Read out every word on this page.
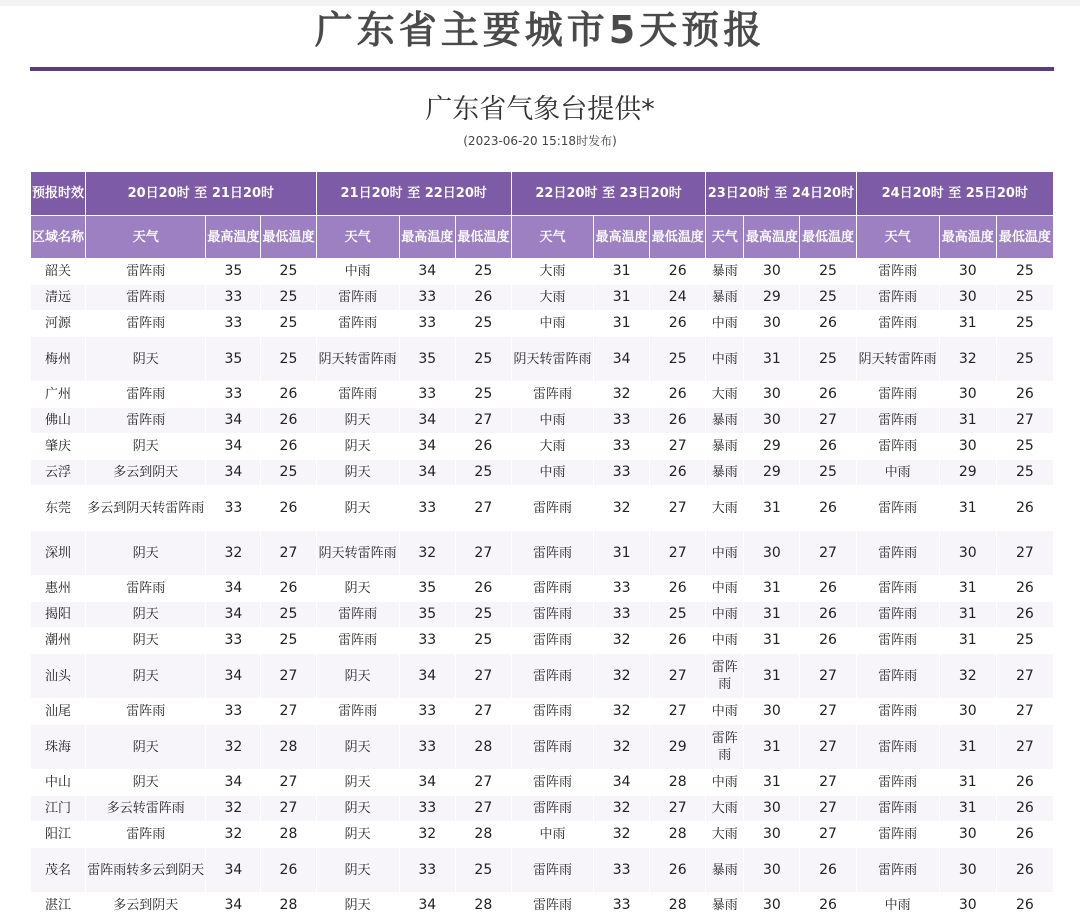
广东省主要城市5天预报
广东省气象台提供*
(2023-06-20 15:18时发布)
预报时效	20日20时 至 21日20时			21日20时 至 22日20时			22日20时 至 23日20时			23日20时 至 24日20时			24日20时 至 25日20时		
区域名称	天气	最高温度	最低温度	天气	最高温度	最低温度	天气	最高温度	最低温度	天气	最高温度	最低温度	天气	最高温度	最低温度
韶关	雷阵雨	35	25	中雨	34	25	大雨	31	26	暴雨	30	25	雷阵雨	30	25
清远	雷阵雨	33	25	雷阵雨	33	26	大雨	31	24	暴雨	29	25	雷阵雨	30	25
河源	雷阵雨	33	25	雷阵雨	33	25	中雨	31	26	中雨	30	26	雷阵雨	31	25
梅州	阴天	35	25	阴天转雷阵雨	35	25	阴天转雷阵雨	34	25	中雨	31	25	阴天转雷阵雨	32	25
广州	雷阵雨	33	26	雷阵雨	33	25	雷阵雨	32	26	大雨	30	26	雷阵雨	30	26
佛山	雷阵雨	34	26	阴天	34	27	中雨	33	26	暴雨	30	27	雷阵雨	31	27
肇庆	阴天	34	26	阴天	34	26	大雨	33	27	暴雨	29	26	雷阵雨	30	25
云浮	多云到阴天	34	25	阴天	34	25	中雨	33	26	暴雨	29	25	中雨	29	25
东莞	多云到阴天转雷阵雨	33	26	阴天	33	27	雷阵雨	32	27	大雨	31	26	雷阵雨	31	26
深圳	阴天	32	27	阴天转雷阵雨	32	27	雷阵雨	31	27	中雨	30	27	雷阵雨	30	27
惠州	雷阵雨	34	26	阴天	35	26	雷阵雨	33	26	中雨	31	26	雷阵雨	31	26
揭阳	阴天	34	25	雷阵雨	35	25	雷阵雨	33	25	中雨	31	26	雷阵雨	31	26
潮州	阴天	33	25	雷阵雨	33	25	雷阵雨	32	26	中雨	31	26	雷阵雨	31	25
汕头	阴天	34	27	阴天	34	27	雷阵雨	32	27	雷阵雨	31	27	雷阵雨	32	27
汕尾	雷阵雨	33	27	雷阵雨	33	27	雷阵雨	32	27	中雨	30	27	雷阵雨	30	27
珠海	阴天	32	28	阴天	33	28	雷阵雨	32	29	雷阵雨	31	27	雷阵雨	31	27
中山	阴天	34	27	阴天	34	27	雷阵雨	34	28	中雨	31	27	雷阵雨	31	26
江门	多云转雷阵雨	32	27	阴天	33	27	雷阵雨	32	27	大雨	30	27	雷阵雨	31	26
阳江	雷阵雨	32	28	阴天	32	28	中雨	32	28	大雨	30	27	雷阵雨	30	26
茂名	雷阵雨转多云到阴天	34	26	阴天	33	25	雷阵雨	33	26	暴雨	30	26	雷阵雨	30	26
湛江	多云到阴天	34	28	阴天	34	28	雷阵雨	33	28	暴雨	30	26	中雨	30	26
